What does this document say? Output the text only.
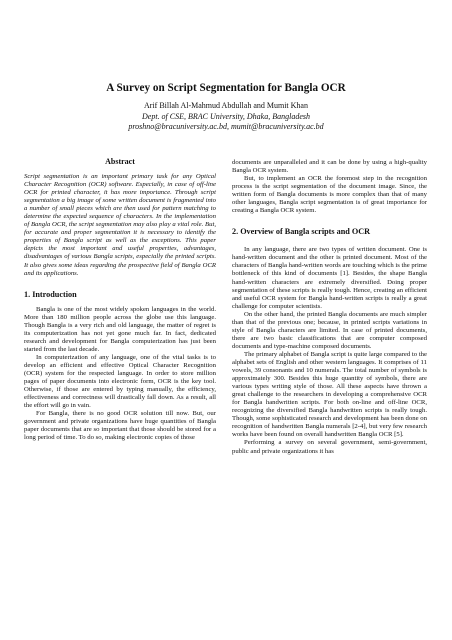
A Survey on Script Segmentation for Bangla OCR
Arif Billah Al-Mahmud Abdullah and Mumit Khan
Dept. of CSE, BRAC University, Dhaka, Bangladesh
proshno@bracuniversity.ac.bd, mumit@bracuniversity.ac.bd
Abstract

Script segmentation is an important primary task for any Optical Character Recognition (OCR) software. Especially, in case of off-line OCR for printed character, it has more importance. Through script segmentation a big image of some written document is fragmented into a number of small pieces which are then used for pattern matching to determine the expected sequence of characters. In the implementation of Bangla OCR, the script segmentation may also play a vital role. But, for accurate and proper segmentation it is necessary to identify the properties of Bangla script as well as the exceptions. This paper depicts the most important and useful properties, advantages, disadvantages of various Bangla scripts, especially the printed scripts. It also gives some ideas regarding the prospective field of Bangla OCR and its applications.

1. Introduction

Bangla is one of the most widely spoken languages in the world. More than 180 million people across the globe use this language. Though Bangla is a very rich and old language, the matter of regret is its computerization has not yet gone much far. In fact, dedicated research and development for Bangla computerization has just been started from the last decade.

In computerization of any language, one of the vital tasks is to develop an efficient and effective Optical Character Recognition (OCR) system for the respected language. In order to store million pages of paper documents into electronic form, OCR is the key tool. Otherwise, if those are entered by typing manually, the efficiency, effectiveness and correctness will drastically fall down. As a result, all the effort will go in vain.

For Bangla, there is no good OCR solution till now. But, our government and private organizations have huge quantities of Bangla paper documents that are so important that those should be stored for a long period of time. To do so, making electronic copies of those

documents are unparalleled and it can be done by using a high-quality Bangla OCR system.

But, to implement an OCR the foremost step in the recognition process is the script segmentation of the document image. Since, the written form of Bangla documents is more complex than that of many other languages, Bangla script segmentation is of great importance for creating a Bangla OCR system.

2. Overview of Bangla scripts and OCR

In any language, there are two types of written document. One is hand-written document and the other is printed document. Most of the characters of Bangla hand-written words are touching which is the prime bottleneck of this kind of documents [1]. Besides, the shape Bangla hand-written characters are extremely diversified. Doing proper segmentation of these scripts is really tough. Hence, creating an efficient and useful OCR system for Bangla hand-written scripts is really a great challenge for computer scientists.

On the other hand, the printed Bangla documents are much simpler than that of the previous one; because, in printed scripts variations in style of Bangla characters are limited. In case of printed documents, there are two basic classifications that are computer composed documents and type-machine composed documents.

The primary alphabet of Bangla script is quite large compared to the alphabet sets of English and other western languages. It comprises of 11 vowels, 39 consonants and 10 numerals. The total number of symbols is approximately 300. Besides this huge quantity of symbols, there are various types writing style of those. All these aspects have thrown a great challenge to the researchers in developing a comprehensive OCR for Bangla handwritten scripts. For both on-line and off-line OCR, recognizing the diversified Bangla handwritten scripts is really tough. Though, some sophisticated research and development has been done on recognition of handwritten Bangla numerals [2-4], but very few research works have been found on overall handwritten Bangla OCR [5].

Performing a survey on several government, semi-government, public and private organizations it has
